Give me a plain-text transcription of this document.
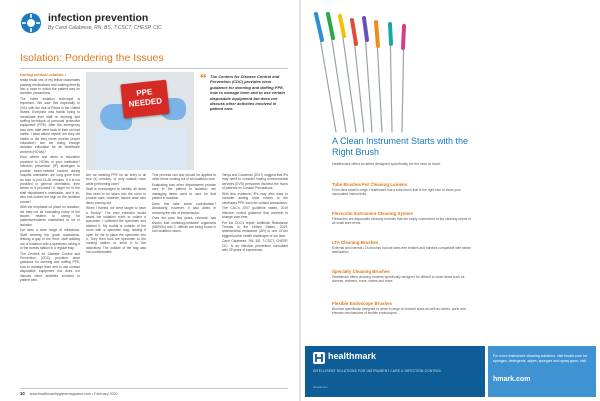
infection prevention
By Carol Calabrese, RN, BS, T-CSCT, CHESP, CIC
Isolation: Pondering the Issues

During clinical rotation I

really recall one of my fellow classmates passing medications and walking directly into a room in which the patient was on isolation precautions.

The entire isolation technique is important. We saw this especially in 2014 with the risk of Ebola in the United States. Everyone was frantic trying to reevaluate their staff on donning and doffing technique of personal protective equipment (PPE). After the emergency was over, staff went back to their old bad habits. I have asked myself, are they old habits or did they never receive proper education? Are we doing enough isolation education for all healthcare workers (HCWs)?

How, where and when is education provided to HCWs in your institution? Infection prevention (IP) strategies to provide much-needed content during hospital orientation are long gone from an hour to just 15-30 minutes. If it is not provided in general orientation, then where is it provided? It might be in the staff department's orientation, and if so, who has looked the sign on the isolation rooms?

With the emphasis on place on isolation, we may not be evaluating many of the issues related to caring for patients/residents maintained to be in isolation.

I've seen a wide range of infractions. Staff wearing the gown backwards, leaving a gap in the front; staff walking out of isolation with a specimen, taking it to the nurses station in a regular bag.

The Centers for Disease Control and Prevention (CDC) provides clear guidance for donning and doffing PPE, how to manage linen and to use contact disposable equipment but does not discuss other activities involved in patient care.

PPE
NEEDED
“ The Centers for Disease Control and Prevention (CDC) provides clear guidance for donning and doffing PPE, how to manage linen and to use certain disposable equipment but does not discuss other activities involved in patient care.

Are we wearing PPE for an entry to all four (4) minutes, or only outside room while performing care?

Staff is encouraged to identify all items that need to be taken into the room to provide care; however, issues arise with items coming out.

When I trained, we were taught to have a "buddy." The med educator would assist the isolation room to collect a specimen. I collected the specimen and labeled it. My buddy is outside of the room with a specimen bag, holding it open for me to place the specimen into it. They then took the specimen to the nursing station to send it to the laboratory. The outside of the bag was not contaminated.

This process can and should be applied to other items coming out of an isolation room.

Evaluating how other departments provide care to the patient in isolation: are managing items used to care for that patient in isolation.

Does this take some coordination? Absolutely; however, it also aides in reducing the risk of transmission.

Over the past few years, research has shown that multidrug-resistant organisms (MDROs) and C. difficile are being found in non-isolation rooms.

Tanya and Goodman (2017) suggest that IPs may need to consider having environmental services (EVS) personnel disinfect the floors of patients on Contact Precautions.

With this evidence, IPs may also want to consider adding shoe covers to the necessary PPE worn for contact precautions.

The CDC's 2007 guideline states, 2019 infection control guidance that continue to change over time.

Per the CDC's report, Antibiotic Resistance Threats in the United States, 2019, antimicrobial resistance (AR) is one of the biggest public health challenges of our time.

Carol Calabrese, RN, BS, T-CSCT, CHESP, CIC, is an infection prevention consultant with 39 years of experience.

10 www.healthcarehygienemagazine.com • February 2020
A Clean Instrument Starts with the Right Brush
Healthmark offers brushes designed specifically for the task at hand.
Tube Brushes For Cleaning Lumens
From ultra small to large, Healthmark has a tube brush that is the right size to clean your cannulated instruments.
Flexscrim Instrument Cleaning System
Flexscrims are disposable cleaning brushes that are easily customized to the cleaning needs of all small bore items.
LTA Cleaning Brushes
External and internal LTA brushes include latex-free bristles and handles compatible with steam sterilization.
Specialty Cleaning Brushes
Healthmark offers cleaning brushes specifically designed for difficult to clean items such as sleeves, reamers, burrs, valves and more.
Flexible Endoscope Brushes
Brushes specifically designed to clean a range of channel sizes as well as valves, ports and elevator mechanisms of flexible endoscopes.
healthmark
INTELLIGENT SOLUTIONS FOR INSTRUMENT CARE & INFECTION CONTROL
hmark.com
For more instrument cleaning solutions, visit hmark.com for sponges, detergents, wipes, sponges and spray guns, visit
hmark.com
